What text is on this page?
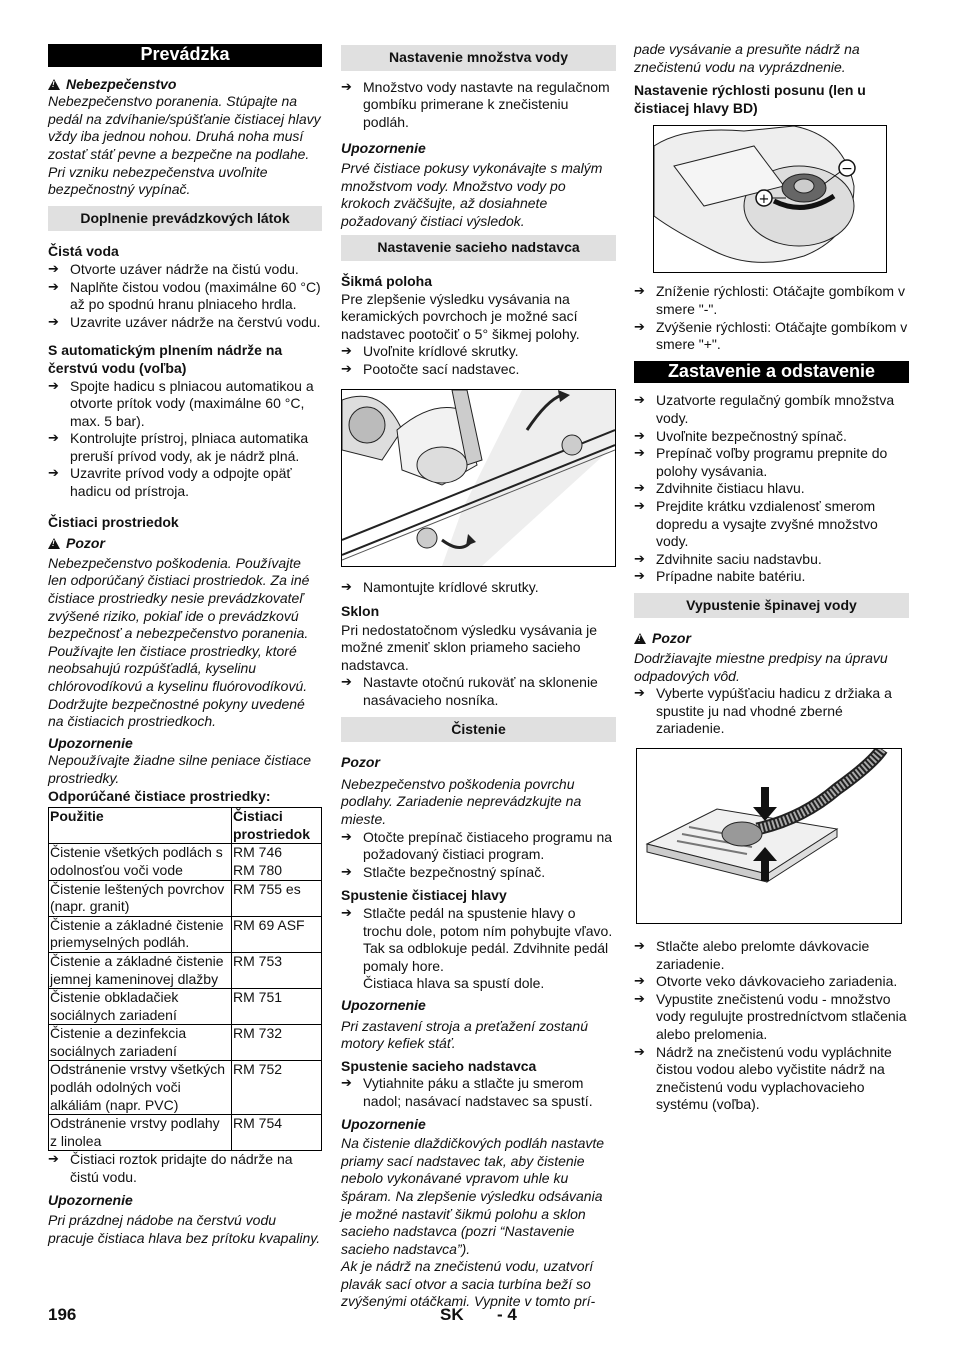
Prevádzka

!Nebezpečenstvo

Nebezpečenstvo poranenia. Stúpajte na pedál na zdvíhanie/spúšťanie čistiacej hlavy vždy iba jednou nohou. Druhá noha musí zostať stáť pevne a bezpečne na podlahe.

Pri vzniku nebezpečenstva uvoľnite bezpečnostný vypínač.

Doplnenie prevádzkových látok

Čistá voda

➔ Otvorte uzáver nádrže na čistú vodu.
➔ Naplňte čistou vodou (maximálne 60 °C) až po spodnú hranu plniaceho hrdla.
➔ Uzavrite uzáver nádrže na čerstvú vodu.

S automatickým plnením nádrže na čerstvú vodu (voľba)

➔ Spojte hadicu s plniacou automatikou a otvorte prítok vody (maximálne 60 °C, max. 5 bar).
➔ Kontrolujte prístroj, plniaca automatika preruší prívod vody, ak je nádrž plná.
➔ Uzavrite prívod vody a odpojte opäť hadicu od prístroja.

Čistiaci prostriedok

!Pozor

Nebezpečenstvo poškodenia. Používajte len odporúčaný čistiaci prostriedok. Za iné čistiace prostriedky nesie prevádzkovateľ zvýšené riziko, pokiaľ ide o prevádzkovú bezpečnosť a nebezpečenstvo poranenia. Používajte len čistiace prostriedky, ktoré neobsahujú rozpúšťadlá, kyselinu chlórovodíkovú a kyselinu fluórovodíkovú. Dodržujte bezpečnostné pokyny uvedené na čistiacich prostriedkoch.

Upozornenie

Nepoužívajte žiadne silne peniace čistiace prostriedky.

Odporúčané čistiace prostriedky:

Použitie	Čistiaci prostriedok
Čistenie všetkých podlách s odolnosťou voči vode	RM 746
RM 780
Čistenie leštených povrchov (napr. granit)	RM 755 es
Čistenie a základné čistenie priemyselných podláh.	RM 69 ASF
Čistenie a základné čistenie jemnej kameninovej dlažby	RM 753
Čistenie obkladačiek sociálnych zariadení	RM 751
Čistenie a dezinfekcia sociálnych zariadení	RM 732
Odstránenie vrstvy všetkých podláh odolných voči alkáliám (napr. PVC)	RM 752
Odstránenie vrstvy podlahy z linolea	RM 754
➔ Čistiaci roztok pridajte do nádrže na čistú vodu.

Upozornenie

Pri prázdnej nádobe na čerstvú vodu pracuje čistiaca hlava bez prítoku kvapaliny.

Nastavenie množstva vody
➔ Množstvo vody nastavte na regulačnom gombíku primerane k znečisteniu podláh.

Upozornenie

Prvé čistiace pokusy vykonávajte s malým množstvom vody. Množstvo vody po krokoch zväčšujte, až dosiahnete požadovaný čistiaci výsledok.

Nastavenie sacieho nadstavca

Šikmá poloha

Pre zlepšenie výsledku vysávania na keramických povrchoch je možné sací nadstavec pootočiť o 5° šikmej polohy.

➔ Uvoľnite krídlové skrutky.
➔ Pootočte sací nadstavec.
➔ Namontujte krídlové skrutky.

Sklon

Pri nedostatočnom výsledku vysávania je možné zmeniť sklon priameho sacieho nadstavca.

➔ Nastavte otočnú rukoväť na sklonenie nasávacieho nosníka.
Čistenie

Pozor

Nebezpečenstvo poškodenia povrchu podlahy. Zariadenie neprevádzkujte na mieste.

➔ Otočte prepínač čistiaceho programu na požadovaný čistiaci program.
➔ Stlačte bezpečnostný spínač.

Spustenie čistiacej hlavy

➔ Stlačte pedál na spustenie hlavy o trochu dole, potom ním pohybujte vľavo. Tak sa odblokuje pedál. Zdvihnite pedál pomaly hore.
Čistiaca hlava sa spustí dole.

Upozornenie

Pri zastavení stroja a preťažení zostanú motory kefiek stáť.

Spustenie sacieho nadstavca

➔ Vytiahnite páku a stlačte ju smerom nadol; nasávací nadstavec sa spustí.

Upozornenie

Na čistenie dlaždičkových podláh nastavte priamy sací nadstavec tak, aby čistenie nebolo vykonávané vpravom uhle ku špáram. Na zlepšenie výsledku odsávania je možné nastaviť šikmú polohu a sklon sacieho nadstavca (pozri “Nastavenie sacieho nadstavca”).

Ak je nádrž na znečistenú vodu, uzatvorí plavák sací otvor a sacia turbína beží so zvýšenými otáčkami. Vypnite v tomto prí-

pade vysávanie a presuňte nádrž na znečistenú vodu na vyprázdnenie.

Nastavenie rýchlosti posunu (len u čistiacej hlavy BD)

+
−
➔ Zníženie rýchlosti: Otáčajte gombíkom v smere "-".
➔ Zvýšenie rýchlosti: Otáčajte gombíkom v smere "+".
Zastavenie a odstavenie
➔ Uzatvorte regulačný gombík množstva vody.
➔ Uvoľnite bezpečnostný spínač.
➔ Prepínač voľby programu prepnite do polohy vysávania.
➔ Zdvihnite čistiacu hlavu.
➔ Prejdite krátku vzdialenosť smerom dopredu a vysajte zvyšné množstvo vody.
➔ Zdvihnite saciu nadstavbu.
➔ Prípadne nabite batériu.
Vypustenie špinavej vody

!Pozor

Dodržiavajte miestne predpisy na úpravu odpadových vôd.

➔ Vyberte vypúšťaciu hadicu z držiaka a spustite ju nad vhodné zberné zariadenie.
➔ Stlačte alebo prelomte dávkovacie zariadenie.
➔ Otvorte veko dávkovacieho zariadenia.
➔ Vypustite znečistenú vodu - množstvo vody regulujte prostredníctvom stlačenia alebo prelomenia.
➔ Nádrž na znečistenú vodu vypláchnite čistou vodou alebo vyčistite nádrž na znečistenú vodu vyplachovacieho systému (voľba).
196	SK - 4
